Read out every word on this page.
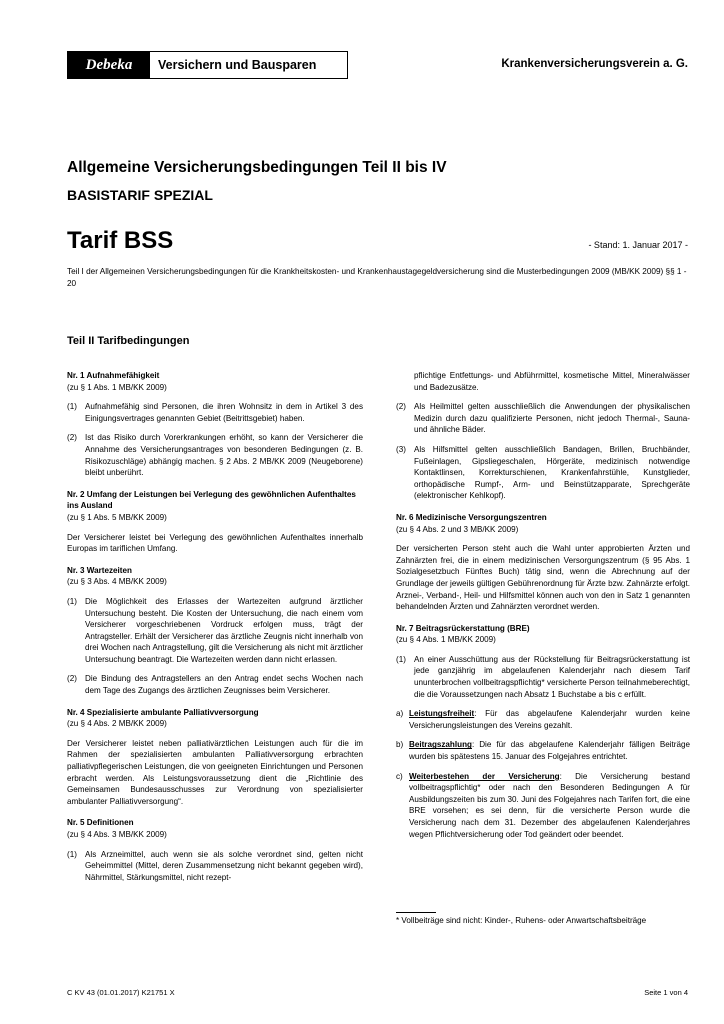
Debeka	Versichern und Bausparen	Krankenversicherungsverein a. G.
Allgemeine Versicherungsbedingungen Teil II bis IV
BASISTARIF SPEZIAL
Tarif BSS	- Stand: 1. Januar 2017 -
Teil I der Allgemeinen Versicherungsbedingungen für die Krankheitskosten- und Krankenhaustagegeldversicherung sind die Musterbedingungen 2009 (MB/KK 2009) §§ 1 - 20
Teil II Tarifbedingungen

Nr. 1 Aufnahmefähigkeit

(zu § 1 Abs. 1 MB/KK 2009)

(1) Aufnahmefähig sind Personen, die ihren Wohnsitz in dem in Artikel 3 des Einigungsvertrages genannten Gebiet (Beitrittsgebiet) haben.
(2) Ist das Risiko durch Vorerkrankungen erhöht, so kann der Versicherer die Annahme des Versicherungsantrages von besonderen Bedingungen (z. B. Risikozuschläge) abhängig machen. § 2 Abs. 2 MB/KK 2009 (Neugeborene) bleibt unberührt.

Nr. 2 Umfang der Leistungen bei Verlegung des gewöhnlichen Aufenthaltes ins Ausland

(zu § 1 Abs. 5 MB/KK 2009)

Der Versicherer leistet bei Verlegung des gewöhnlichen Aufenthaltes innerhalb Europas im tariflichen Umfang.

Nr. 3 Wartezeiten

(zu § 3 Abs. 4 MB/KK 2009)

(1) Die Möglichkeit des Erlasses der Wartezeiten aufgrund ärztlicher Untersuchung besteht. Die Kosten der Untersuchung, die nach einem vom Versicherer vorgeschriebenen Vordruck erfolgen muss, trägt der Antragsteller. Erhält der Versicherer das ärztliche Zeugnis nicht innerhalb von drei Wochen nach Antragstellung, gilt die Versicherung als nicht mit ärztlicher Untersuchung beantragt. Die Wartezeiten werden dann nicht erlassen.
(2) Die Bindung des Antragstellers an den Antrag endet sechs Wochen nach dem Tage des Zugangs des ärztlichen Zeugnisses beim Versicherer.

Nr. 4 Spezialisierte ambulante Palliativversorgung

(zu § 4 Abs. 2 MB/KK 2009)

Der Versicherer leistet neben palliativärztlichen Leistungen auch für die im Rahmen der spezialisierten ambulanten Palliativversorgung erbrachten palliativpflegerischen Leistungen, die von geeigneten Einrichtungen und Personen erbracht werden. Als Leistungsvoraussetzung dient die „Richtlinie des Gemeinsamen Bundesausschusses zur Verordnung von spezialisierter ambulanter Palliativversorgung“.

Nr. 5 Definitionen

(zu § 4 Abs. 3 MB/KK 2009)

(1) Als Arzneimittel, auch wenn sie als solche verordnet sind, gelten nicht Geheimmittel (Mittel, deren Zusammensetzung nicht bekannt gegeben wird), Nährmittel, Stärkungsmittel, nicht rezept-
pflichtige Entfettungs- und Abführmittel, kosmetische Mittel, Mineralwässer und Badezusätze.
(2) Als Heilmittel gelten ausschließlich die Anwendungen der physikalischen Medizin durch dazu qualifizierte Personen, nicht jedoch Thermal-, Sauna- und ähnliche Bäder.
(3) Als Hilfsmittel gelten ausschließlich Bandagen, Brillen, Bruchbänder, Fußeinlagen, Gipsliegeschalen, Hörgeräte, medizinisch notwendige Kontaktlinsen, Korrekturschienen, Krankenfahrstühle, Kunstglieder, orthopädische Rumpf-, Arm- und Beinstützapparate, Sprechgeräte (elektronischer Kehlkopf).

Nr. 6 Medizinische Versorgungszentren

(zu § 4 Abs. 2 und 3 MB/KK 2009)

Der versicherten Person steht auch die Wahl unter approbierten Ärzten und Zahnärzten frei, die in einem medizinischen Versorgungszentrum (§ 95 Abs. 1 Sozialgesetzbuch Fünftes Buch) tätig sind, wenn die Abrechnung auf der Grundlage der jeweils gültigen Gebührenordnung für Ärzte bzw. Zahnärzte erfolgt. Arznei-, Verband-, Heil- und Hilfsmittel können auch von den in Satz 1 genannten behandelnden Ärzten und Zahnärzten verordnet werden.

Nr. 7 Beitragsrückerstattung (BRE)

(zu § 4 Abs. 1 MB/KK 2009)

(1) An einer Ausschüttung aus der Rückstellung für Beitragsrückerstattung ist jede ganzjährig im abgelaufenen Kalenderjahr nach diesem Tarif ununterbrochen vollbeitragspflichtig* versicherte Person teilnahmeberechtigt, die die Voraussetzungen nach Absatz 1 Buchstabe a bis c erfüllt.
a) Leistungsfreiheit: Für das abgelaufene Kalenderjahr wurden keine Versicherungsleistungen des Vereins gezahlt.
b) Beitragszahlung: Die für das abgelaufene Kalenderjahr fälligen Beiträge wurden bis spätestens 15. Januar des Folgejahres entrichtet.
c) Weiterbestehen der Versicherung: Die Versicherung bestand vollbeitragspflichtig* oder nach den Besonderen Bedingungen A für Ausbildungszeiten bis zum 30. Juni des Folgejahres nach Tarifen fort, die eine BRE vorsehen; es sei denn, für die versicherte Person wurde die Versicherung nach dem 31. Dezember des abgelaufenen Kalenderjahres wegen Pflichtversicherung oder Tod geändert oder beendet.
* Vollbeiträge sind nicht: Kinder-, Ruhens- oder Anwartschaftsbeiträge
C KV 43 (01.01.2017) K21751 X	Seite 1 von 4
